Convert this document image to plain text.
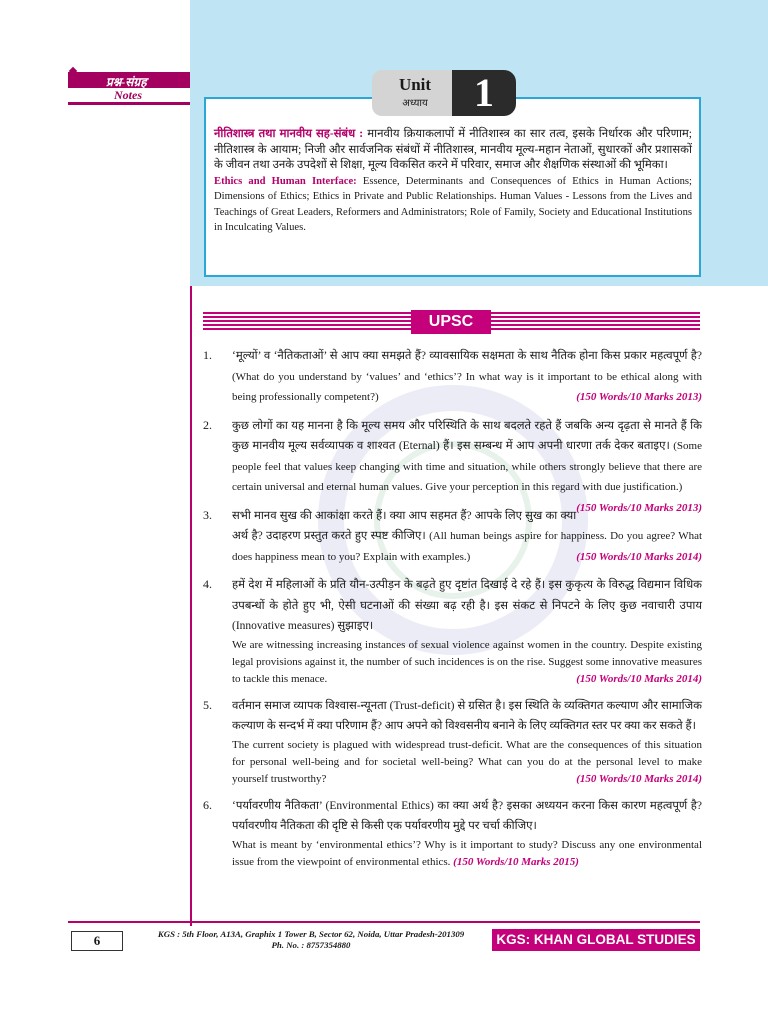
प्रश्न-संग्रह
Notes

नीतिशास्त्र तथा मानवीय सह-संबंध : मानवीय क्रियाकलापों में नीतिशास्त्र का सार तत्व, इसके निर्धारक और परिणाम; नीतिशास्त्र के आयाम; निजी और सार्वजनिक संबंधों में नीतिशास्त्र, मानवीय मूल्य-महान नेताओं, सुधारकों और प्रशासकों के जीवन तथा उनके उपदेशों से शिक्षा, मूल्य विकसित करने में परिवार, समाज और शैक्षणिक संस्थाओं की भूमिका।

Ethics and Human Interface: Essence, Determinants and Consequences of Ethics in Human Actions; Dimensions of Ethics; Ethics in Private and Public Relationships. Human Values - Lessons from the Lives and Teachings of Great Leaders, Reformers and Administrators; Role of Family, Society and Educational Institutions in Inculcating Values.

Unit
अध्याय	1
UPSC
1. ‘मूल्यों’ व ‘नैतिकताओं’ से आप क्या समझते हैं? व्यावसायिक सक्षमता के साथ नैतिक होना किस प्रकार महत्वपूर्ण है? (What do you understand by ‘values’ and ‘ethics’? In what way is it important to be ethical along with being professionally competent?)	(150 Words/10 Marks 2013)
2. कुछ लोगों का यह मानना है कि मूल्य समय और परिस्थिति के साथ बदलते रहते हैं जबकि अन्य दृढ़ता से मानते हैं कि कुछ मानवीय मूल्य सर्वव्यापक व शाश्वत (Eternal) हैं। इस सम्बन्ध में आप अपनी धारणा तर्क देकर बताइए। (Some people feel that values keep changing with time and situation, while others strongly believe that there are certain universal and eternal human values. Give your perception in this regard with due justification.)
(150 Words/10 Marks 2013)
3. सभी मानव सुख की आकांक्षा करते हैं। क्या आप सहमत हैं? आपके लिए सुख का क्या अर्थ है? उदाहरण प्रस्तुत करते हुए स्पष्ट कीजिए। (All human beings aspire for happiness. Do you agree? What does happiness mean to you? Explain with examples.)	(150 Words/10 Marks 2014)
4. हमें देश में महिलाओं के प्रति यौन-उत्पीड़न के बढ़ते हुए दृष्टांत दिखाई दे रहे हैं। इस कुकृत्य के विरुद्ध विद्यमान विधिक उपबन्धों के होते हुए भी, ऐसी घटनाओं की संख्या बढ़ रही है। इस संकट से निपटने के लिए कुछ नवाचारी उपाय (Innovative measures) सुझाइए।
We are witnessing increasing instances of sexual violence against women in the country. Despite existing legal provisions against it, the number of such incidences is on the rise. Suggest some innovative measures to tackle this menace.	(150 Words/10 Marks 2014)
5. वर्तमान समाज व्यापक विश्वास-न्यूनता (Trust-deficit) से ग्रसित है। इस स्थिति के व्यक्तिगत कल्याण और सामाजिक कल्याण के सन्दर्भ में क्या परिणाम हैं? आप अपने को विश्वसनीय बनाने के लिए व्यक्तिगत स्तर पर क्या कर सकते हैं।
The current society is plagued with widespread trust-deficit. What are the consequences of this situation for personal well-being and for societal well-being? What can you do at the personal level to make yourself trustworthy?	(150 Words/10 Marks 2014)
6. ‘पर्यावरणीय नैतिकता’ (Environmental Ethics) का क्या अर्थ है? इसका अध्ययन करना किस कारण महत्वपूर्ण है? पर्यावरणीय नैतिकता की दृष्टि से किसी एक पर्यावरणीय मुद्दे पर चर्चा कीजिए।
What is meant by ‘environmental ethics’? Why is it important to study? Discuss any one environmental issue from the viewpoint of environmental ethics. (150 Words/10 Marks 2015)
6	KGS : 5th Floor, A13A, Graphix 1 Tower B, Sector 62, Noida, Uttar Pradesh-201309
Ph. No. : 8757354880	KGS: KHAN GLOBAL STUDIES
